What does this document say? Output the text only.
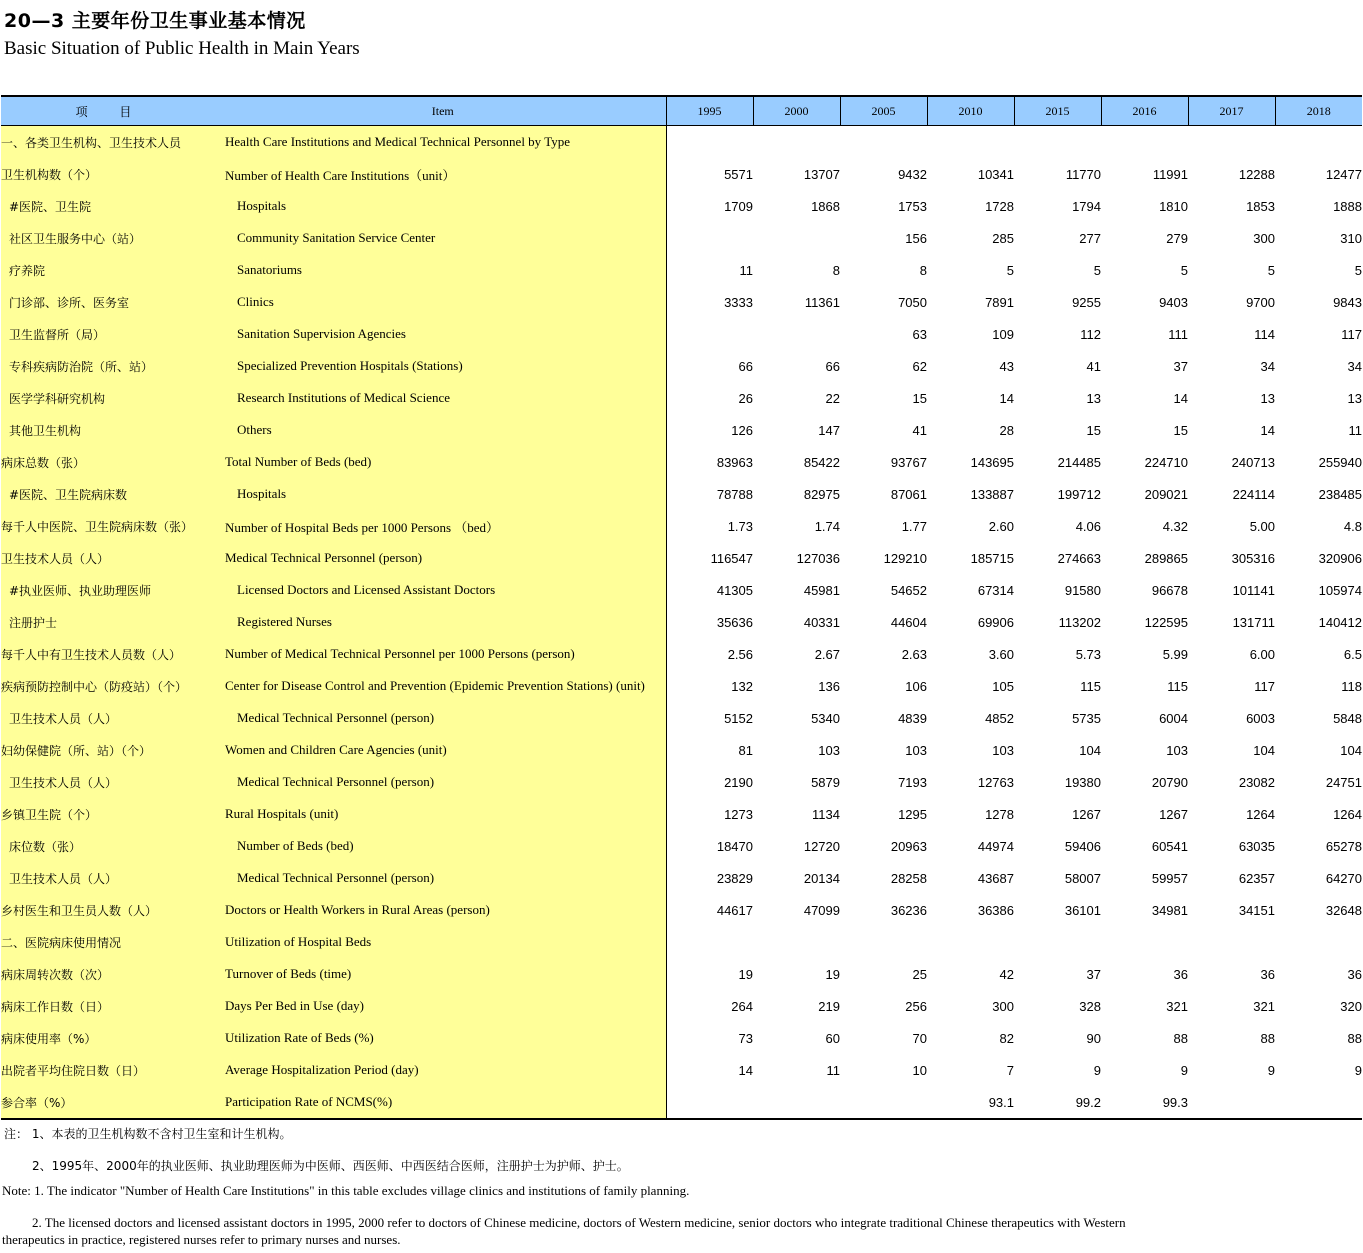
20—3 主要年份卫生事业基本情况
Basic Situation of Public Health in Main Years
项 目	Item	1995	2000	2005	2010	2015	2016	2017	2018
一、各类卫生机构、卫生技术人员	Health Care Institutions and Medical Technical Personnel by Type								
卫生机构数（个）	Number of Health Care Institutions（unit）	5571	13707	9432	10341	11770	11991	12288	12477
#医院、卫生院	Hospitals	1709	1868	1753	1728	1794	1810	1853	1888
社区卫生服务中心（站）	Community Sanitation Service Center			156	285	277	279	300	310
疗养院	Sanatoriums	11	8	8	5	5	5	5	5
门诊部、诊所、医务室	Clinics	3333	11361	7050	7891	9255	9403	9700	9843
卫生监督所（局）	Sanitation Supervision Agencies			63	109	112	111	114	117
专科疾病防治院（所、站）	Specialized Prevention Hospitals (Stations)	66	66	62	43	41	37	34	34
医学学科研究机构	Research Institutions of Medical Science	26	22	15	14	13	14	13	13
其他卫生机构	Others	126	147	41	28	15	15	14	11
病床总数（张）	Total Number of Beds (bed)	83963	85422	93767	143695	214485	224710	240713	255940
#医院、卫生院病床数	Hospitals	78788	82975	87061	133887	199712	209021	224114	238485
每千人中医院、卫生院病床数（张）	Number of Hospital Beds per 1000 Persons （bed）	1.73	1.74	1.77	2.60	4.06	4.32	5.00	4.8
卫生技术人员（人）	Medical Technical Personnel (person)	116547	127036	129210	185715	274663	289865	305316	320906
#执业医师、执业助理医师	Licensed Doctors and Licensed Assistant Doctors	41305	45981	54652	67314	91580	96678	101141	105974
注册护士	Registered Nurses	35636	40331	44604	69906	113202	122595	131711	140412
每千人中有卫生技术人员数（人）	Number of Medical Technical Personnel per 1000 Persons (person)	2.56	2.67	2.63	3.60	5.73	5.99	6.00	6.5
疾病预防控制中心（防疫站）（个）	Center for Disease Control and Prevention (Epidemic Prevention Stations) (unit)	132	136	106	105	115	115	117	118
卫生技术人员（人）	Medical Technical Personnel (person)	5152	5340	4839	4852	5735	6004	6003	5848
妇幼保健院（所、站）（个）	Women and Children Care Agencies (unit)	81	103	103	103	104	103	104	104
卫生技术人员（人）	Medical Technical Personnel (person)	2190	5879	7193	12763	19380	20790	23082	24751
乡镇卫生院（个）	Rural Hospitals (unit)	1273	1134	1295	1278	1267	1267	1264	1264
床位数（张）	Number of Beds (bed)	18470	12720	20963	44974	59406	60541	63035	65278
卫生技术人员（人）	Medical Technical Personnel (person)	23829	20134	28258	43687	58007	59957	62357	64270
乡村医生和卫生员人数（人）	Doctors or Health Workers in Rural Areas (person)	44617	47099	36236	36386	36101	34981	34151	32648
二、医院病床使用情况	Utilization of Hospital Beds								
病床周转次数（次）	Turnover of Beds (time)	19	19	25	42	37	36	36	36
病床工作日数（日）	Days Per Bed in Use (day)	264	219	256	300	328	321	321	320
病床使用率（%）	Utilization Rate of Beds (%)	73	60	70	82	90	88	88	88
出院者平均住院日数（日）	Average Hospitalization Period (day)	14	11	10	7	9	9	9	9
参合率（%）	Participation Rate of NCMS(%)				93.1	99.2	99.3		
注： 1、本表的卫生机构数不含村卫生室和计生机构。
2、1995年、2000年的执业医师、执业助理医师为中医师、西医师、中西医结合医师，注册护士为护师、护士。
Note: 1. The indicator "Number of Health Care Institutions" in this table excludes village clinics and institutions of family planning.
2. The licensed doctors and licensed assistant doctors in 1995, 2000 refer to doctors of Chinese medicine, doctors of Western medicine, senior doctors who integrate traditional Chinese therapeutics with Western
therapeutics in practice, registered nurses refer to primary nurses and nurses.
